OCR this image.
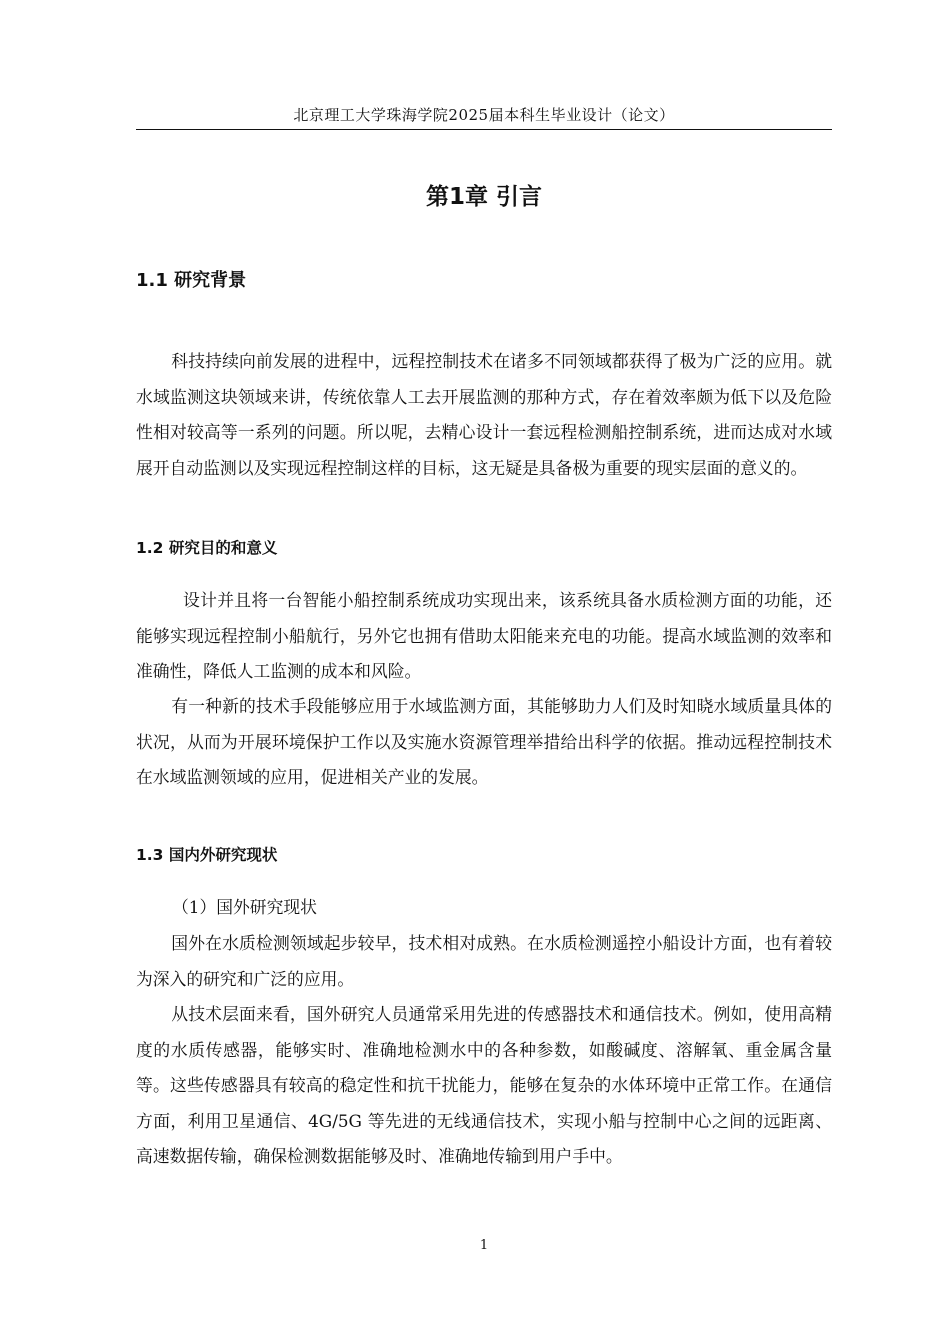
北京理工大学珠海学院2025届本科生毕业设计（论文）
第1章 引言
1.1 研究背景

科技持续向前发展的进程中，远程控制技术在诸多不同领域都获得了极为广泛的应用。就水域监测这块领域来讲，传统依靠人工去开展监测的那种方式，存在着效率颇为低下以及危险性相对较高等一系列的问题。所以呢，去精心设计一套远程检测船控制系统，进而达成对水域展开自动监测以及实现远程控制这样的目标，这无疑是具备极为重要的现实层面的意义的。

1.2 研究目的和意义

设计并且将一台智能小船控制系统成功实现出来，该系统具备水质检测方面的功能，还能够实现远程控制小船航行，另外它也拥有借助太阳能来充电的功能。提高水域监测的效率和准确性，降低人工监测的成本和风险。

有一种新的技术手段能够应用于水域监测方面，其能够助力人们及时知晓水域质量具体的状况，从而为开展环境保护工作以及实施水资源管理举措给出科学的依据。推动远程控制技术在水域监测领域的应用，促进相关产业的发展。

1.3 国内外研究现状
（1）国外研究现状

国外在水质检测领域起步较早，技术相对成熟。在水质检测遥控小船设计方面，也有着较为深入的研究和广泛的应用。

从技术层面来看，国外研究人员通常采用先进的传感器技术和通信技术。例如，使用高精度的水质传感器，能够实时、准确地检测水中的各种参数，如酸碱度、溶解氧、重金属含量等。这些传感器具有较高的稳定性和抗干扰能力，能够在复杂的水体环境中正常工作。在通信方面，利用卫星通信、4G/5G 等先进的无线通信技术，实现小船与控制中心之间的远距离、高速数据传输，确保检测数据能够及时、准确地传输到用户手中。

1
